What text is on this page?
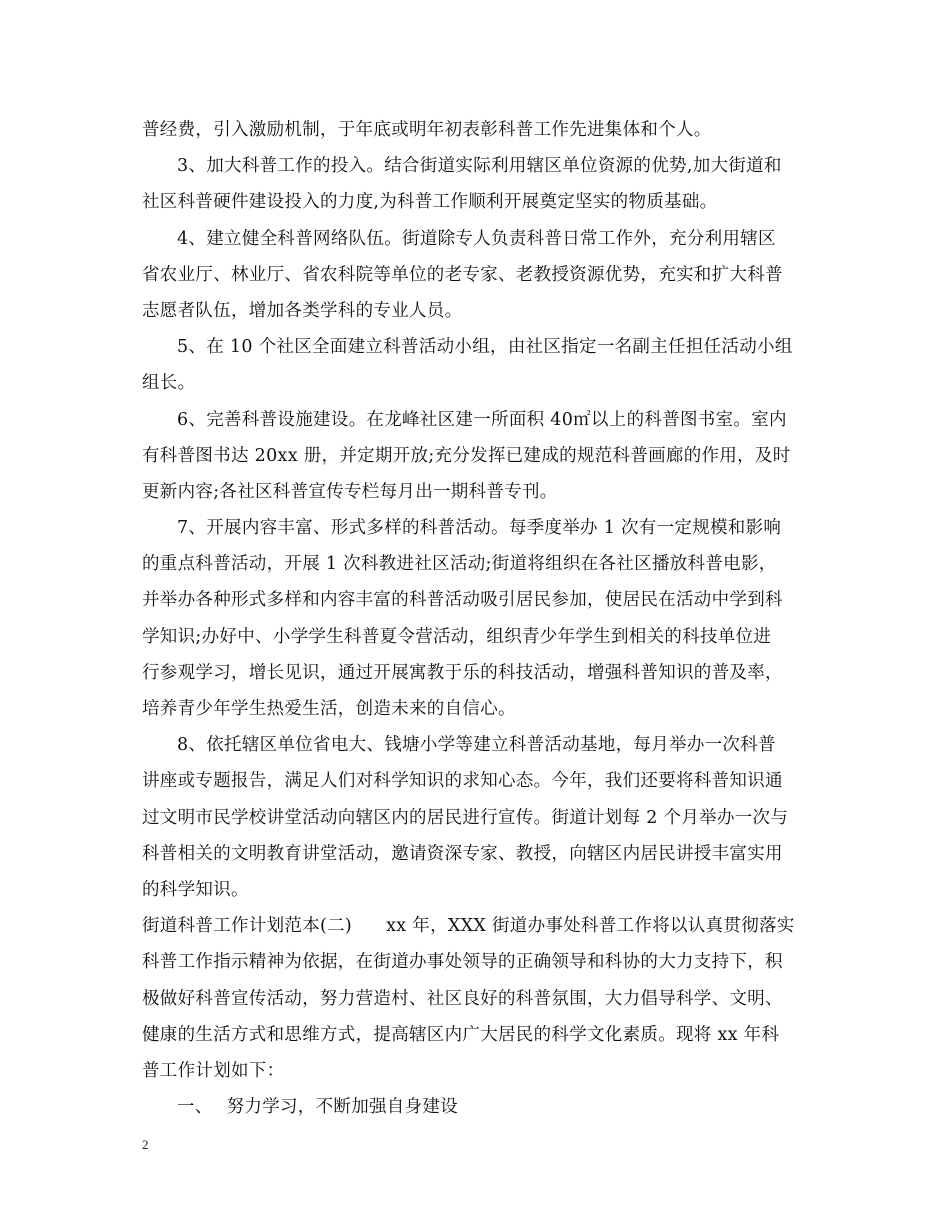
普经费，引入激励机制，于年底或明年初表彰科普工作先进集体和个人。
3、加大科普工作的投入。结合街道实际利用辖区单位资源的优势,加大街道和
社区科普硬件建设投入的力度,为科普工作顺利开展奠定坚实的物质基础。
4、建立健全科普网络队伍。街道除专人负责科普日常工作外，充分利用辖区
省农业厅、林业厅、省农科院等单位的老专家、老教授资源优势，充实和扩大科普
志愿者队伍，增加各类学科的专业人员。
5、在 10 个社区全面建立科普活动小组，由社区指定一名副主任担任活动小组
组长。
6、完善科普设施建设。在龙峰社区建一所面积 40㎡以上的科普图书室。室内
有科普图书达 20xx 册，并定期开放;充分发挥已建成的规范科普画廊的作用，及时
更新内容;各社区科普宣传专栏每月出一期科普专刊。
7、开展内容丰富、形式多样的科普活动。每季度举办 1 次有一定规模和影响
的重点科普活动，开展 1 次科教进社区活动;街道将组织在各社区播放科普电影，
并举办各种形式多样和内容丰富的科普活动吸引居民参加，使居民在活动中学到科
学知识;办好中、小学学生科普夏令营活动，组织青少年学生到相关的科技单位进
行参观学习，增长见识，通过开展寓教于乐的科技活动，增强科普知识的普及率，
培养青少年学生热爱生活，创造未来的自信心。
8、依托辖区单位省电大、钱塘小学等建立科普活动基地，每月举办一次科普
讲座或专题报告，满足人们对科学知识的求知心态。今年，我们还要将科普知识通
过文明市民学校讲堂活动向辖区内的居民进行宣传。街道计划每 2 个月举办一次与
科普相关的文明教育讲堂活动，邀请资深专家、教授，向辖区内居民讲授丰富实用
的科学知识。
街道科普工作计划范本(二) xx 年，XXX 街道办事处科普工作将以认真贯彻落实
科普工作指示精神为依据，在街道办事处领导的正确领导和科协的大力支持下，积
极做好科普宣传活动，努力营造村、社区良好的科普氛围，大力倡导科学、文明、
健康的生活方式和思维方式，提高辖区内广大居民的科学文化素质。现将 xx 年科
普工作计划如下：
一、 努力学习，不断加强自身建设
2
